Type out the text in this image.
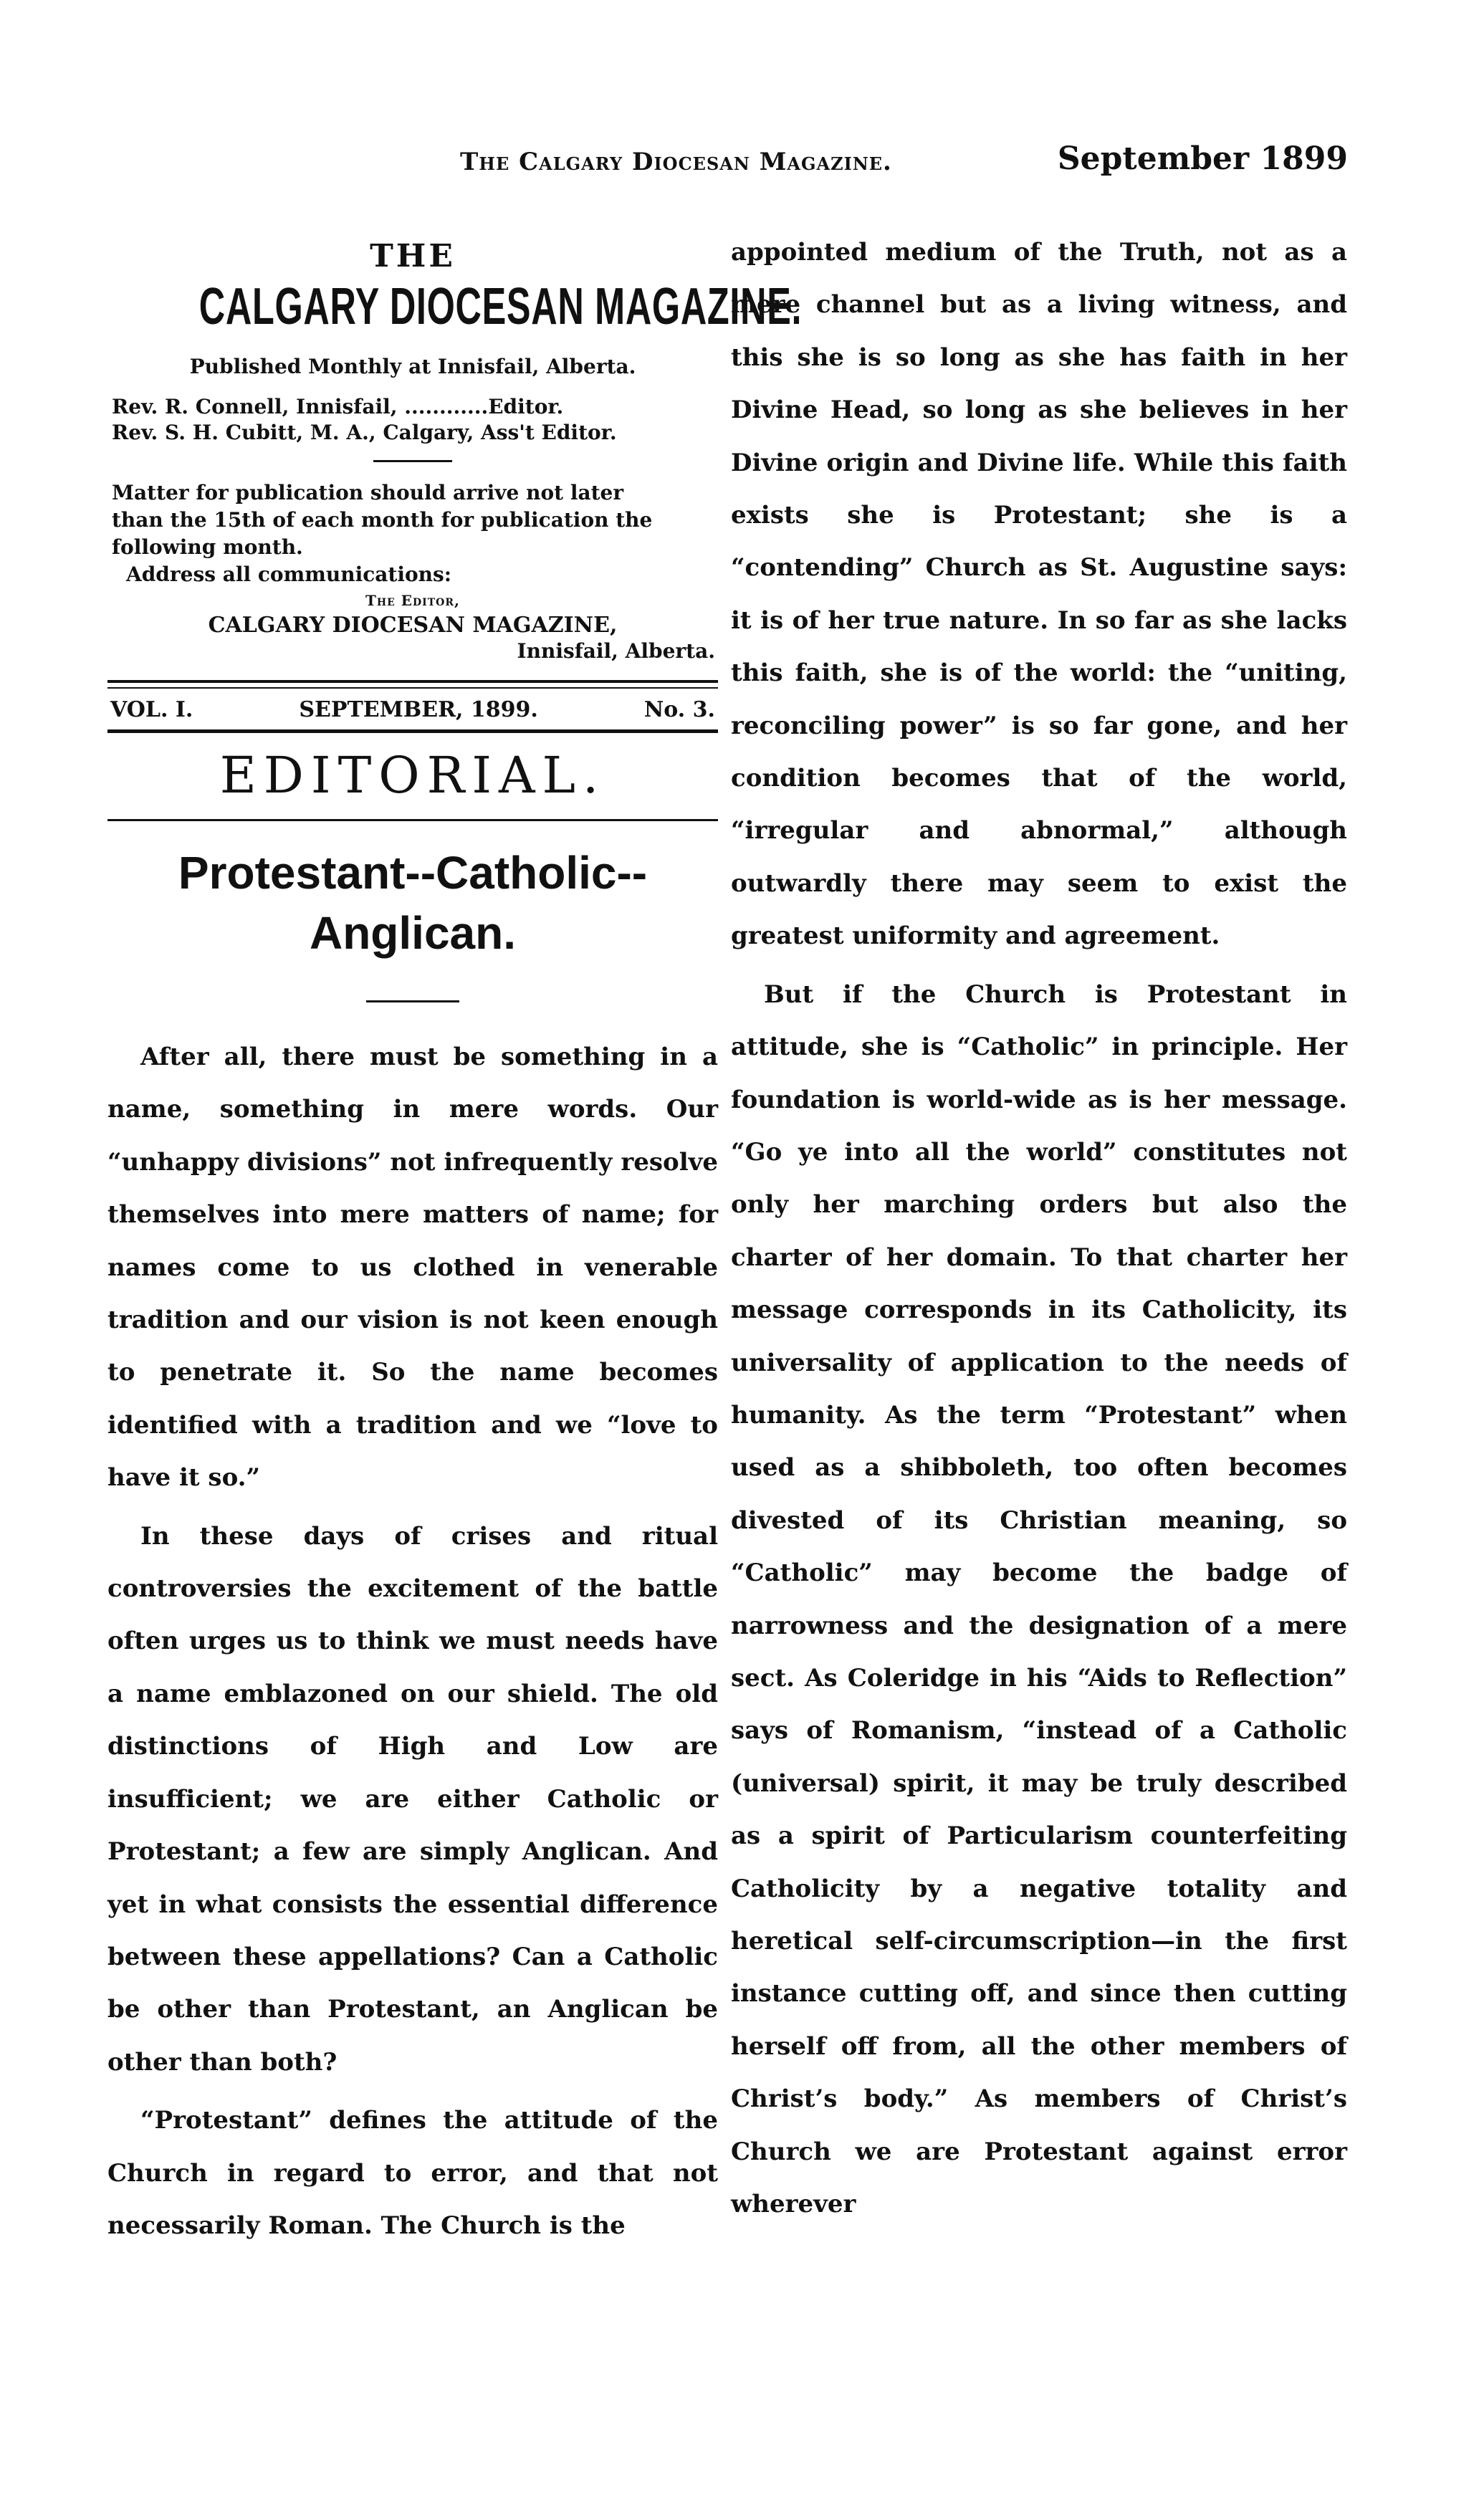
The Calgary Diocesan Magazine.	September 1899
THE
CALGARY DIOCESAN MAGAZINE.
Published Monthly at Innisfail, Alberta.
Rev. R. Connell, Innisfail, ............Editor.
Rev. S. H. Cubitt, M. A., Calgary, Ass't Editor.
Matter for publication should arrive not later
than the 15th of each month for publication the
following month.
Address all communications:
The Editor,
CALGARY DIOCESAN MAGAZINE,
Innisfail, Alberta.
VOL. I.	SEPTEMBER, 1899.	No. 3.
EDITORIAL.
Protestant--Catholic--
Anglican.

After all, there must be something in a name, something in mere words. Our “unhappy divisions” not infrequently resolve themselves into mere matters of name; for names come to us clothed in venerable tradition and our vision is not keen enough to penetrate it. So the name becomes identified with a tradition and we “love to have it so.”

In these days of crises and ritual controversies the excitement of the battle often urges us to think we must needs have a name emblazoned on our shield. The old distinctions of High and Low are insufficient; we are either Catholic or Protestant; a few are simply Anglican. And yet in what consists the essential difference between these appellations? Can a Catholic be other than Protestant, an Anglican be other than both?

“Protestant” defines the attitude of the Church in regard to error, and that not necessarily Roman. The Church is the

appointed medium of the Truth, not as a mere channel but as a living witness, and this she is so long as she has faith in her Divine Head, so long as she believes in her Divine origin and Divine life. While this faith exists she is Protestant; she is a “contending” Church as St. Augustine says: it is of her true nature. In so far as she lacks this faith, she is of the world: the “uniting, reconciling power” is so far gone, and her condition becomes that of the world, “irregular and abnormal,” although outwardly there may seem to exist the greatest uniformity and agreement.

But if the Church is Protestant in attitude, she is “Catholic” in principle. Her foundation is world-wide as is her message. “Go ye into all the world” constitutes not only her marching orders but also the charter of her domain. To that charter her message corresponds in its Catholicity, its universality of application to the needs of humanity. As the term “Protestant” when used as a shibboleth, too often becomes divested of its Christian meaning, so “Catholic” may become the badge of narrowness and the designation of a mere sect. As Coleridge in his “Aids to Reflection” says of Romanism, “instead of a Catholic (universal) spirit, it may be truly described as a spirit of Particularism counterfeiting Catholicity by a negative totality and heretical self-circumscription—in the first instance cutting off, and since then cutting herself off from, all the other members of Christ’s body.” As members of Christ’s Church we are Protestant against error wherever
